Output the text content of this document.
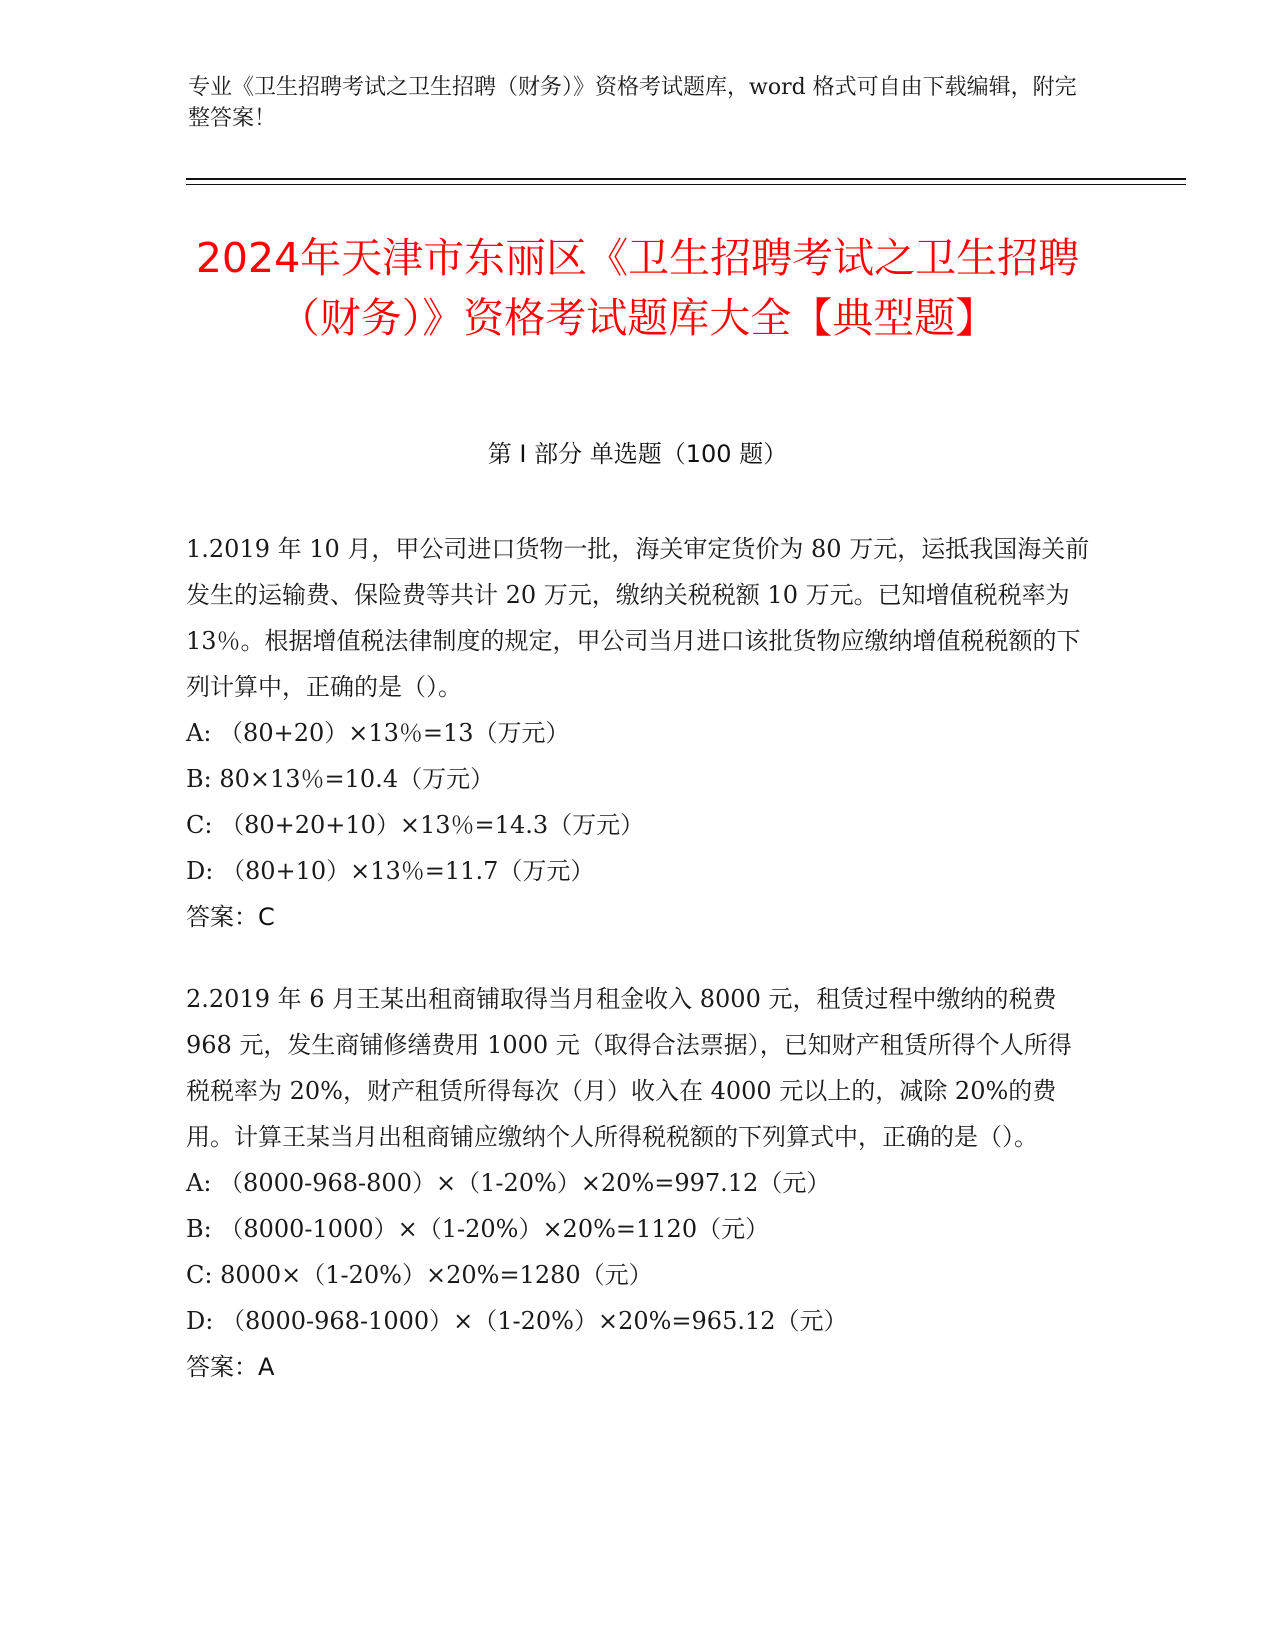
专业《卫生招聘考试之卫生招聘（财务）》资格考试题库，word 格式可自由下载编辑，附完整答案！
2024年天津市东丽区《卫生招聘考试之卫生招聘（财务）》资格考试题库大全【典型题】
第 I 部分 单选题（100 题）

1.2019 年 10 月，甲公司进口货物一批，海关审定货价为 80 万元，运抵我国海关前发生的运输费、保险费等共计 20 万元，缴纳关税税额 10 万元。已知增值税税率为 13％。根据增值税法律制度的规定，甲公司当月进口该批货物应缴纳增值税税额的下列计算中，正确的是（）。

A: （80+20）×13％=13（万元）

B: 80×13％=10.4（万元）

C: （80+20+10）×13％=14.3（万元）

D: （80+10）×13％=11.7（万元）

答案：C

2.2019 年 6 月王某出租商铺取得当月租金收入 8000 元，租赁过程中缴纳的税费 968 元，发生商铺修缮费用 1000 元（取得合法票据），已知财产租赁所得个人所得税税率为 20%，财产租赁所得每次（月）收入在 4000 元以上的，减除 20%的费用。计算王某当月出租商铺应缴纳个人所得税税额的下列算式中，正确的是（）。

A: （8000-968-800）×（1-20%）×20%=997.12（元）

B: （8000-1000）×（1-20%）×20%=1120（元）

C: 8000×（1-20%）×20%=1280（元）

D: （8000-968-1000）×（1-20%）×20%=965.12（元）

答案：A
